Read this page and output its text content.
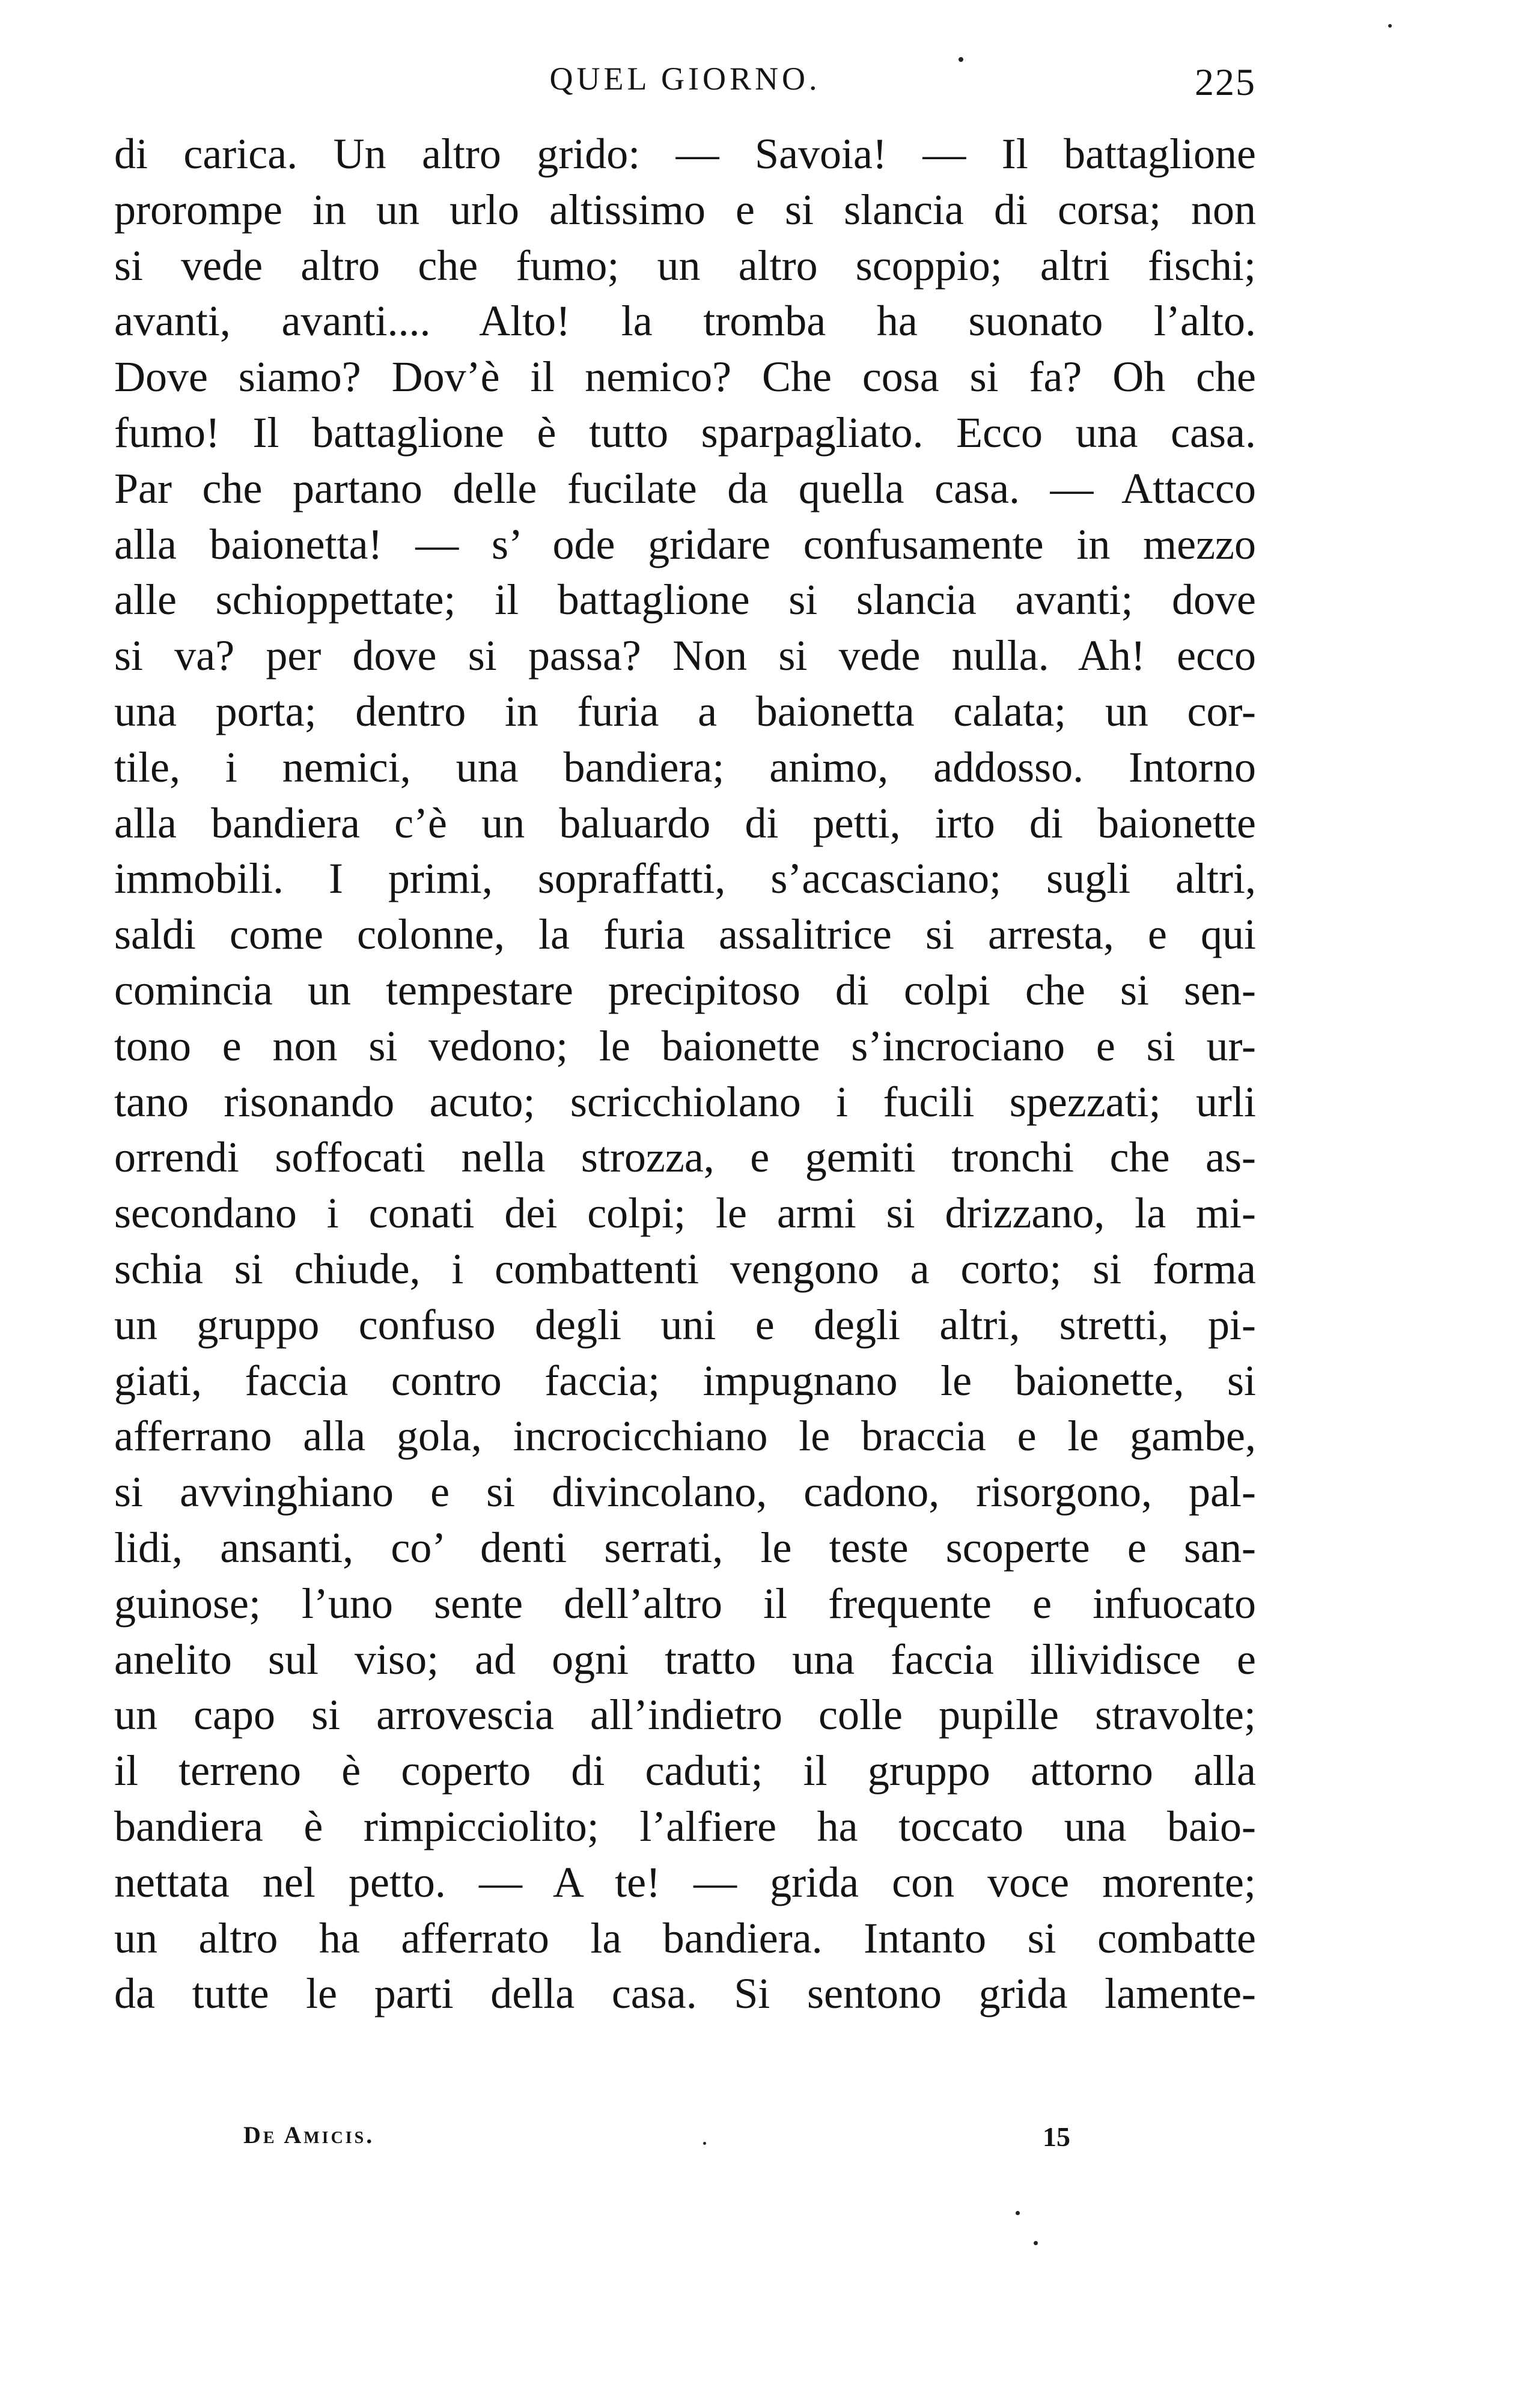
QUEL GIORNO.	225
di carica. Un altro grido: — Savoia! — Il battaglione
prorompe in un urlo altissimo e si slancia di corsa; non
si vede altro che fumo; un altro scoppio; altri fischi;
avanti, avanti.... Alto! la tromba ha suonato l’alto.
Dove siamo? Dov’è il nemico? Che cosa si fa? Oh che
fumo! Il battaglione è tutto sparpagliato. Ecco una casa.
Par che partano delle fucilate da quella casa. — Attacco
alla baionetta! — s’ ode gridare confusamente in mezzo
alle schioppettate; il battaglione si slancia avanti; dove
si va? per dove si passa? Non si vede nulla. Ah! ecco
una porta; dentro in furia a baionetta calata; un cor-
tile, i nemici, una bandiera; animo, addosso. Intorno
alla bandiera c’è un baluardo di petti, irto di baionette
immobili. I primi, sopraffatti, s’accasciano; sugli altri,
saldi come colonne, la furia assalitrice si arresta, e qui
comincia un tempestare precipitoso di colpi che si sen-
tono e non si vedono; le baionette s’incrociano e si ur-
tano risonando acuto; scricchiolano i fucili spezzati; urli
orrendi soffocati nella strozza, e gemiti tronchi che as-
secondano i conati dei colpi; le armi si drizzano, la mi-
schia si chiude, i combattenti vengono a corto; si forma
un gruppo confuso degli uni e degli altri, stretti, pi-
giati, faccia contro faccia; impugnano le baionette, si
afferrano alla gola, incrocicchiano le braccia e le gambe,
si avvinghiano e si divincolano, cadono, risorgono, pal-
lidi, ansanti, co’ denti serrati, le teste scoperte e san-
guinose; l’uno sente dell’altro il frequente e infuocato
anelito sul viso; ad ogni tratto una faccia illividisce e
un capo si arrovescia all’indietro colle pupille stravolte;
il terreno è coperto di caduti; il gruppo attorno alla
bandiera è rimpicciolito; l’alfiere ha toccato una baio-
nettata nel petto. — A te! — grida con voce morente;
un altro ha afferrato la bandiera. Intanto si combatte
da tutte le parti della casa. Si sentono grida lamente-
De Amicis.	15
